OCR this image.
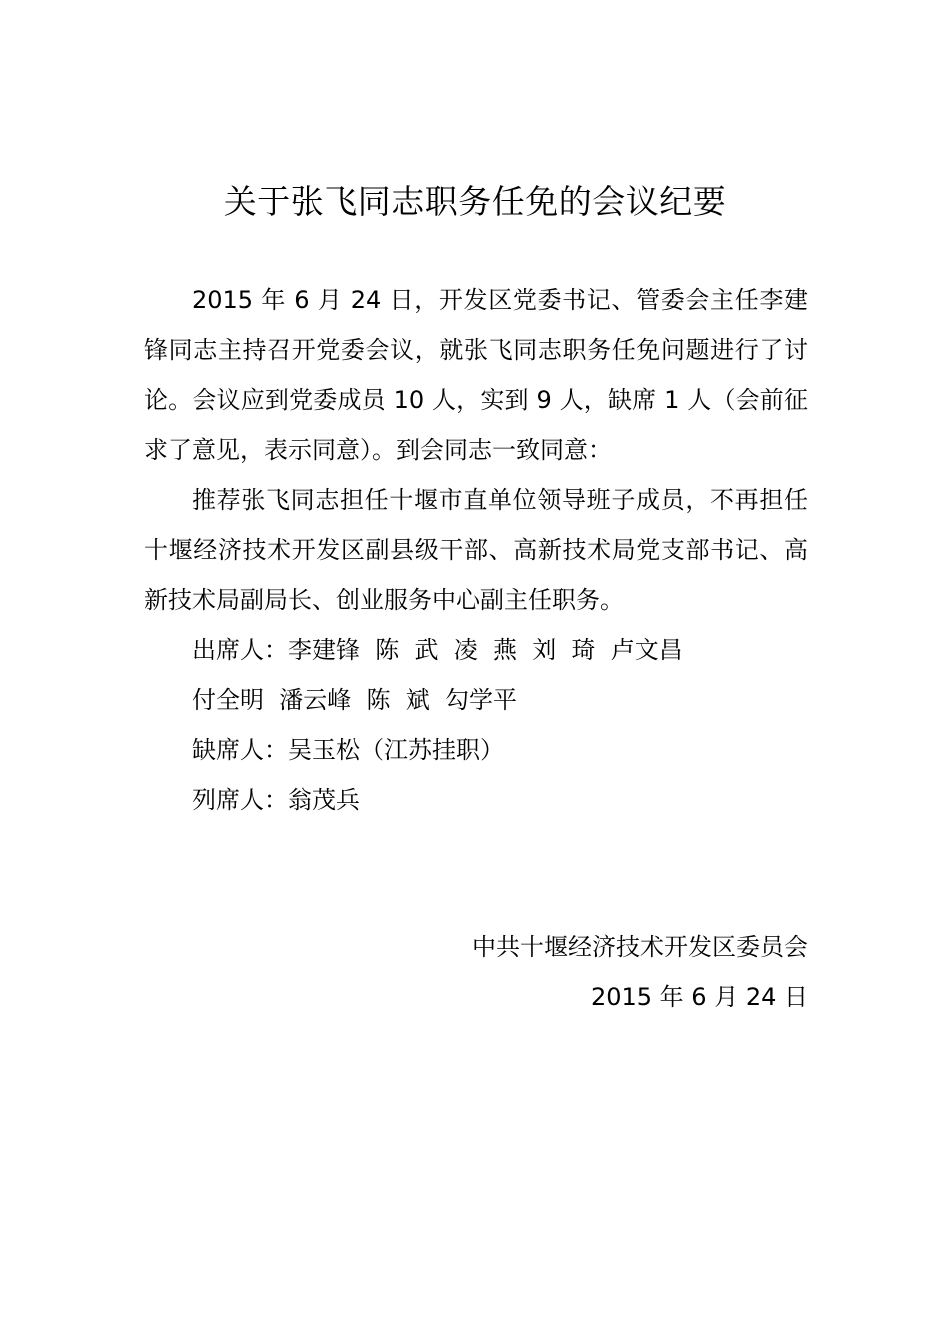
关于张飞同志职务任免的会议纪要

2015 年 6 月 24 日，开发区党委书记、管委会主任李建锋同志主持召开党委会议，就张飞同志职务任免问题进行了讨论。会议应到党委成员 10 人，实到 9 人，缺席 1 人（会前征求了意见，表示同意）。到会同志一致同意：

推荐张飞同志担任十堰市直单位领导班子成员，不再担任十堰经济技术开发区副县级干部、高新技术局党支部书记、高新技术局副局长、创业服务中心副主任职务。

出席人：李建锋  陈  武  凌  燕  刘  琦  卢文昌

付全明  潘云峰  陈  斌  勾学平

缺席人：吴玉松（江苏挂职）

列席人：翁茂兵

中共十堰经济技术开发区委员会
2015 年 6 月 24 日
